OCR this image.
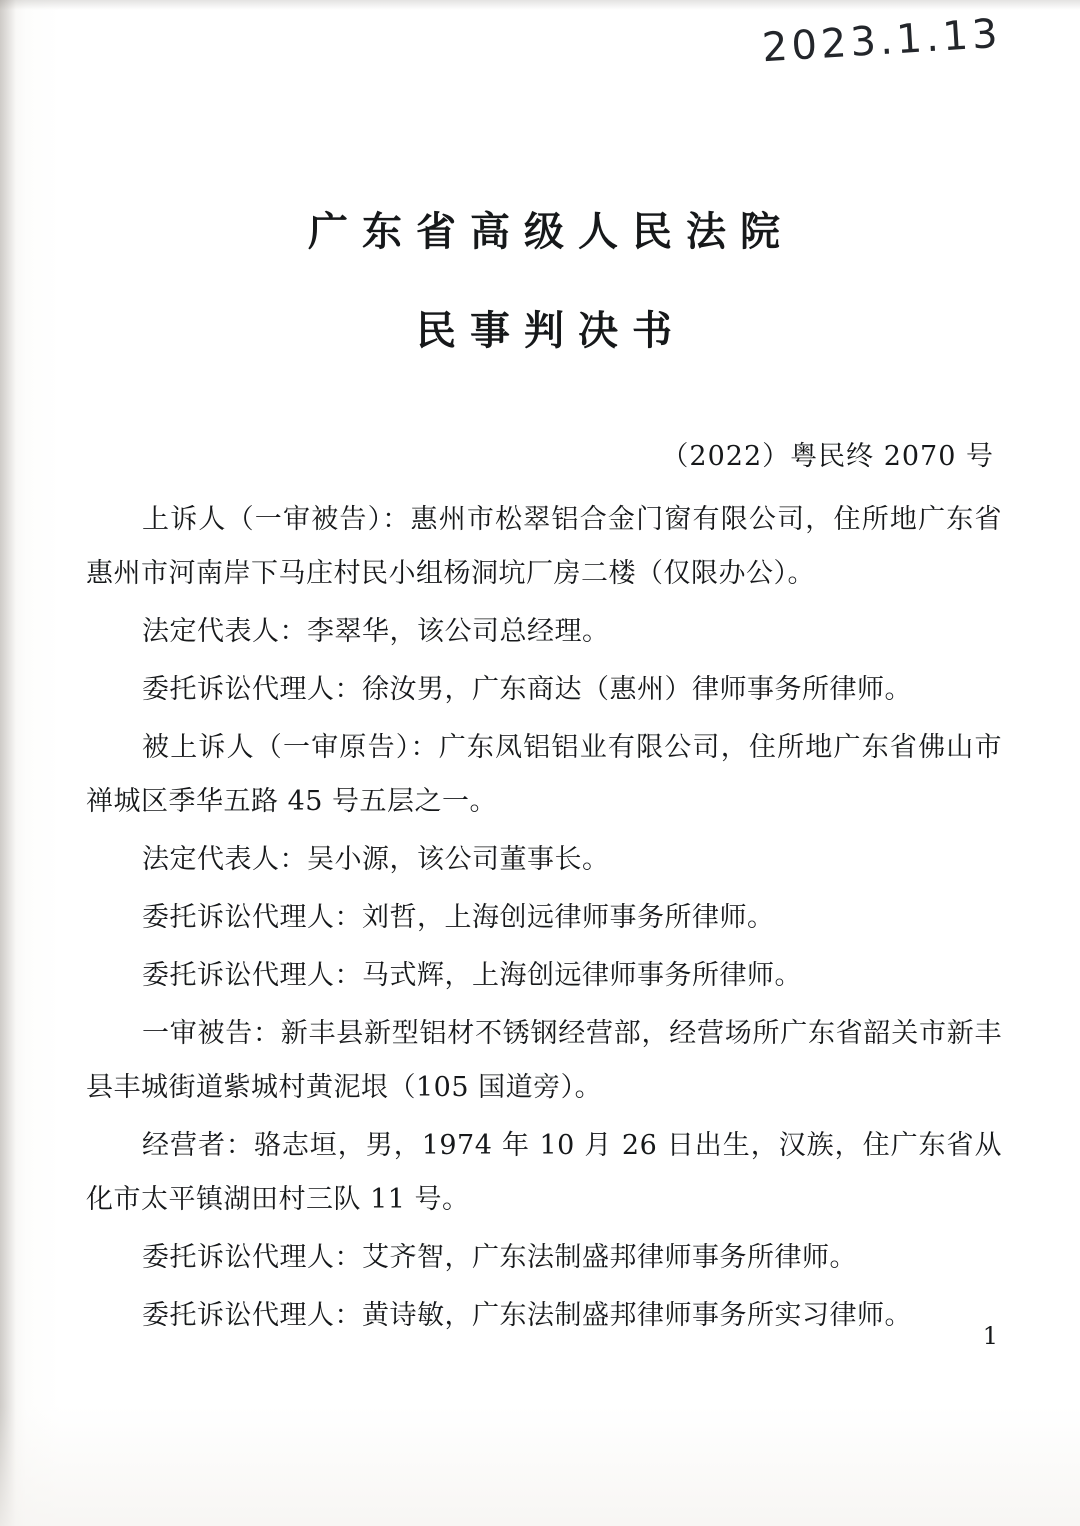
2023.1.13
广东省高级人民法院
民事判决书
（2022）粤民终 2070 号

上诉人（一审被告）：惠州市松翠铝合金门窗有限公司，住所地广东省惠州市河南岸下马庄村民小组杨洞坑厂房二楼（仅限办公）。

法定代表人：李翠华，该公司总经理。

委托诉讼代理人：徐汝男，广东商达（惠州）律师事务所律师。

被上诉人（一审原告）：广东凤铝铝业有限公司，住所地广东省佛山市禅城区季华五路 45 号五层之一。

法定代表人：吴小源，该公司董事长。

委托诉讼代理人：刘哲，上海创远律师事务所律师。

委托诉讼代理人：马式辉，上海创远律师事务所律师。

一审被告：新丰县新型铝材不锈钢经营部，经营场所广东省韶关市新丰县丰城街道紫城村黄泥垠（105 国道旁）。

经营者：骆志垣，男，1974 年 10 月 26 日出生，汉族，住广东省从化市太平镇湖田村三队 11 号。

委托诉讼代理人：艾齐智，广东法制盛邦律师事务所律师。

委托诉讼代理人：黄诗敏，广东法制盛邦律师事务所实习律师。

1
